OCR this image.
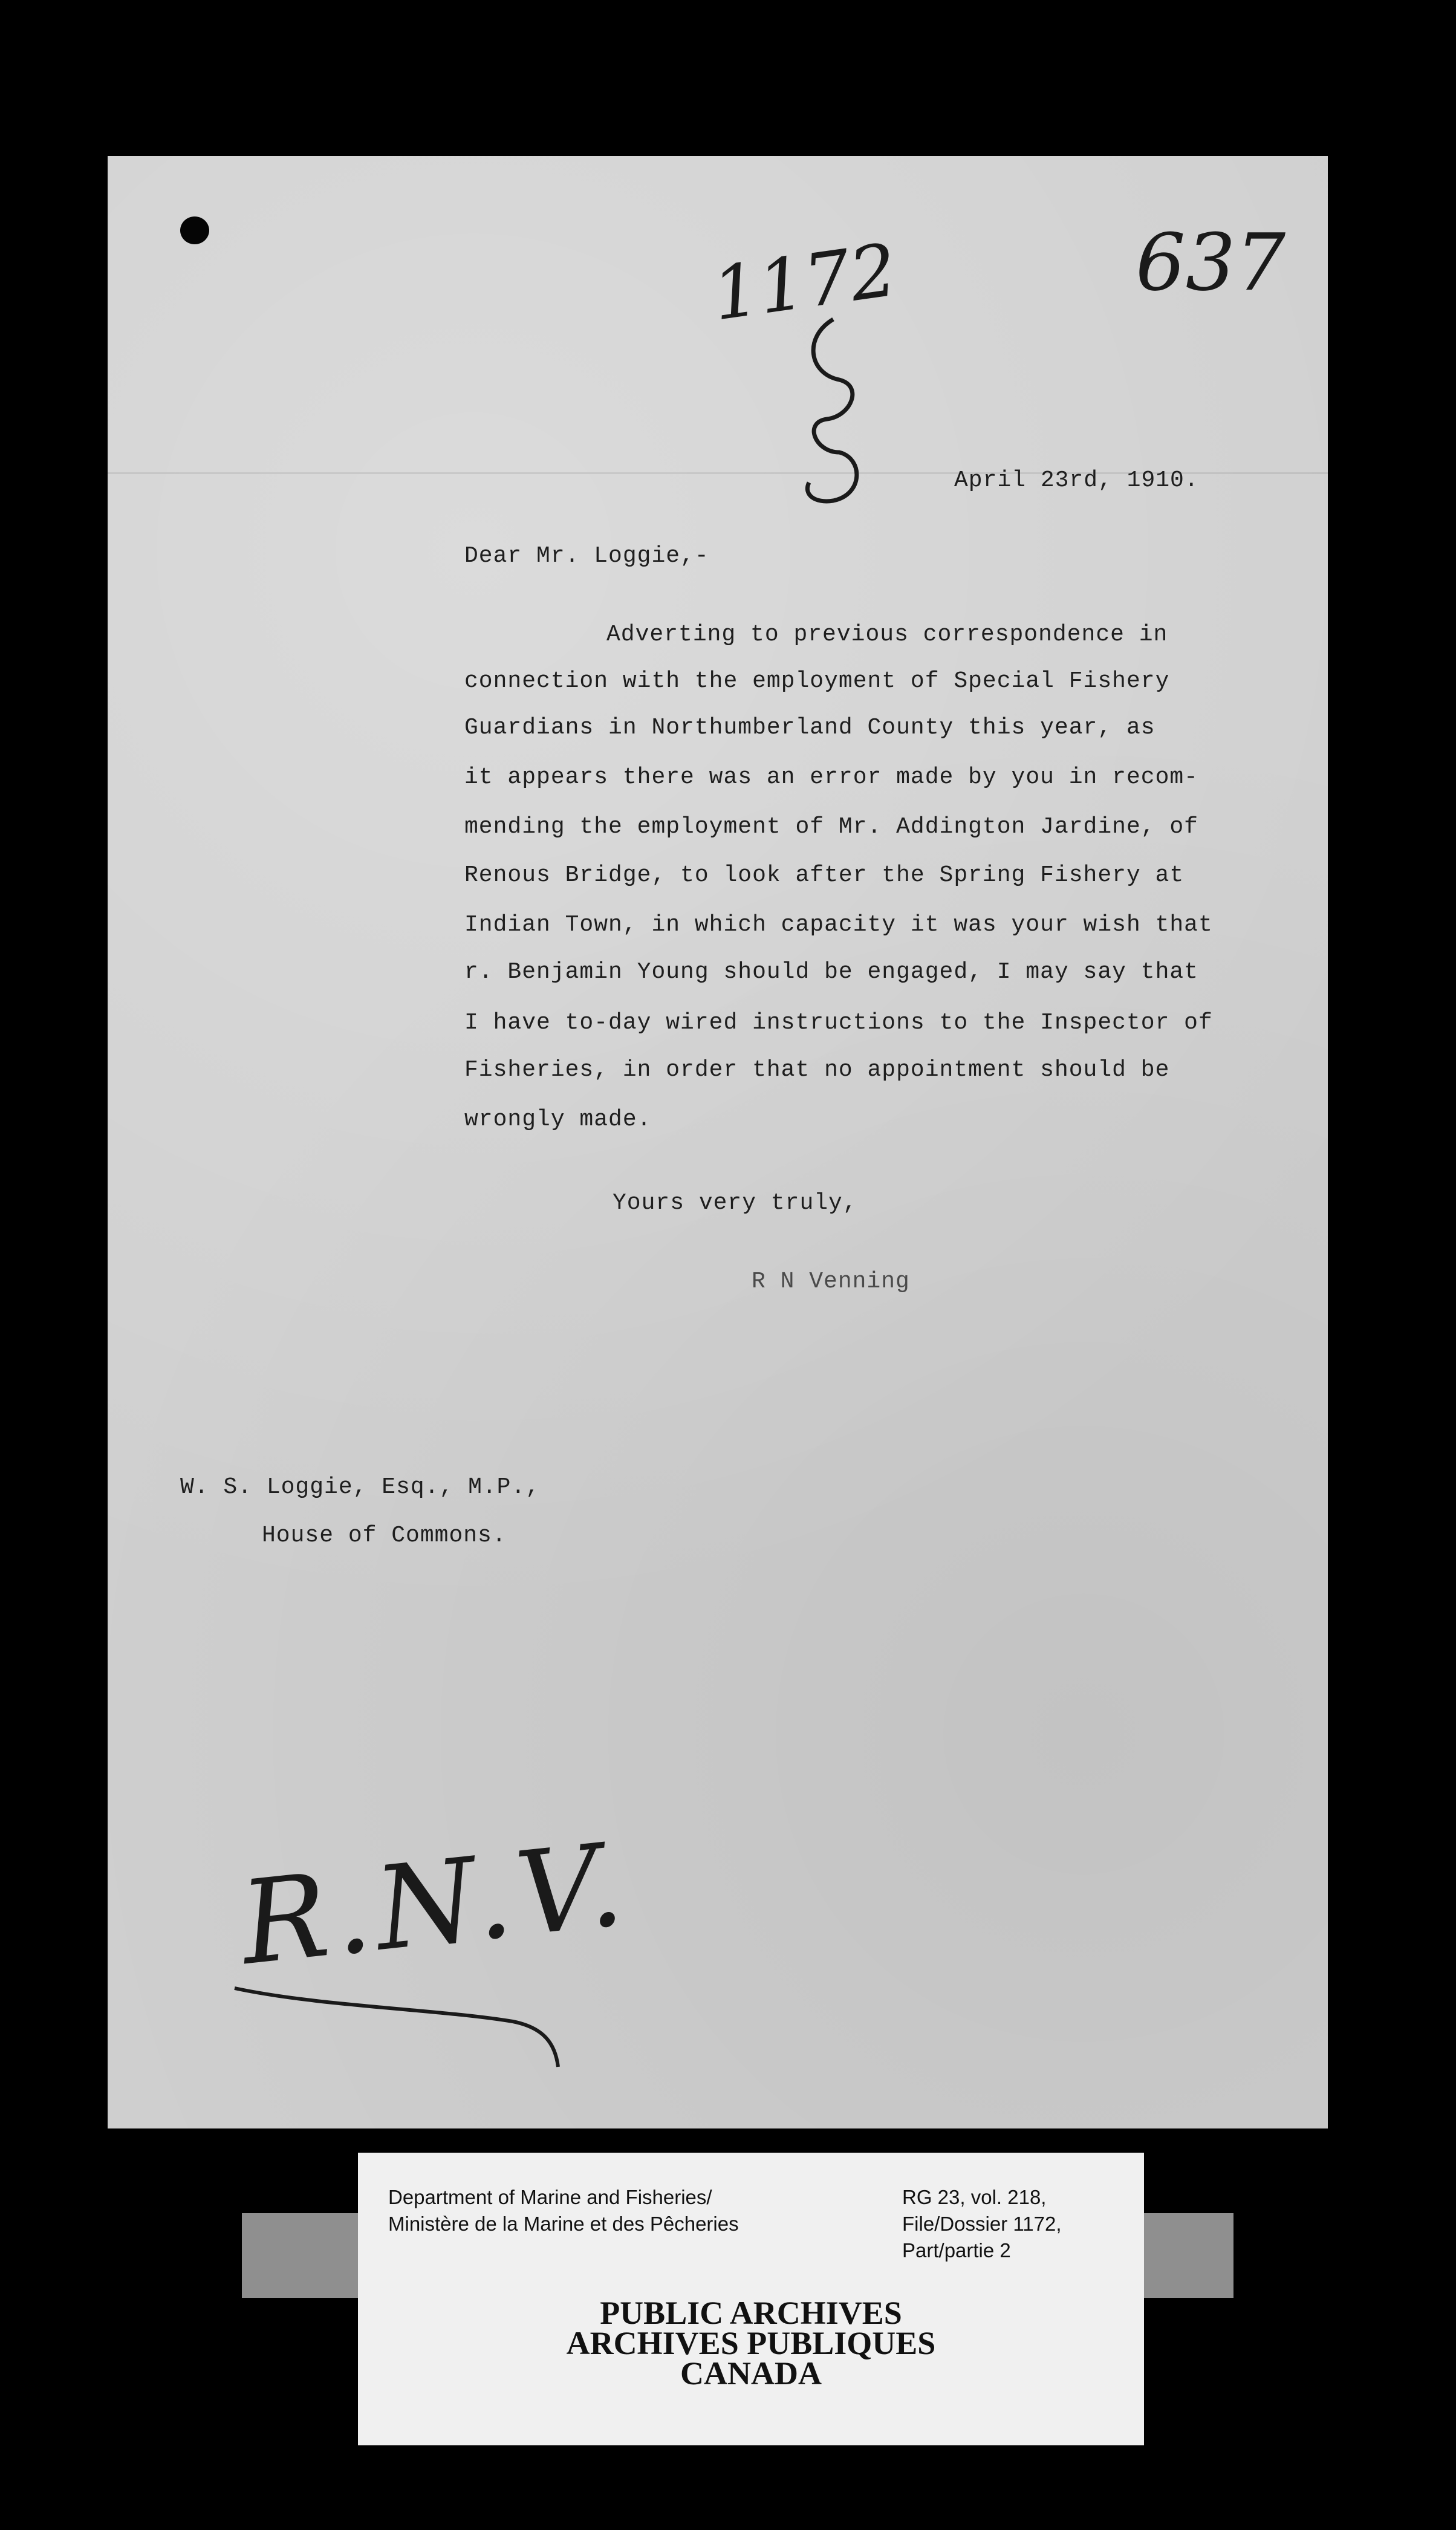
1172	637
April 23rd, 1910.
Dear Mr. Loggie,-
Adverting to previous correspondence in
connection with the employment of Special Fishery
Guardians in Northumberland County this year, as
it appears there was an error made by you in recom-
mending the employment of Mr. Addington Jardine, of
Renous Bridge, to look after the Spring Fishery at
Indian Town, in which capacity it was your wish that
r. Benjamin Young should be engaged, I may say that
I have to-day wired instructions to the Inspector of
Fisheries, in order that no appointment should be
wrongly made.
Yours very truly,
R N Venning
W. S. Loggie, Esq., M.P.,
House of Commons.
R.N.V.
Department of Marine and Fisheries/
Ministère de la Marine et des Pêcheries
RG 23, vol. 218,
File/Dossier 1172,
Part/partie 2
PUBLIC ARCHIVES
ARCHIVES PUBLIQUES
CANADA
